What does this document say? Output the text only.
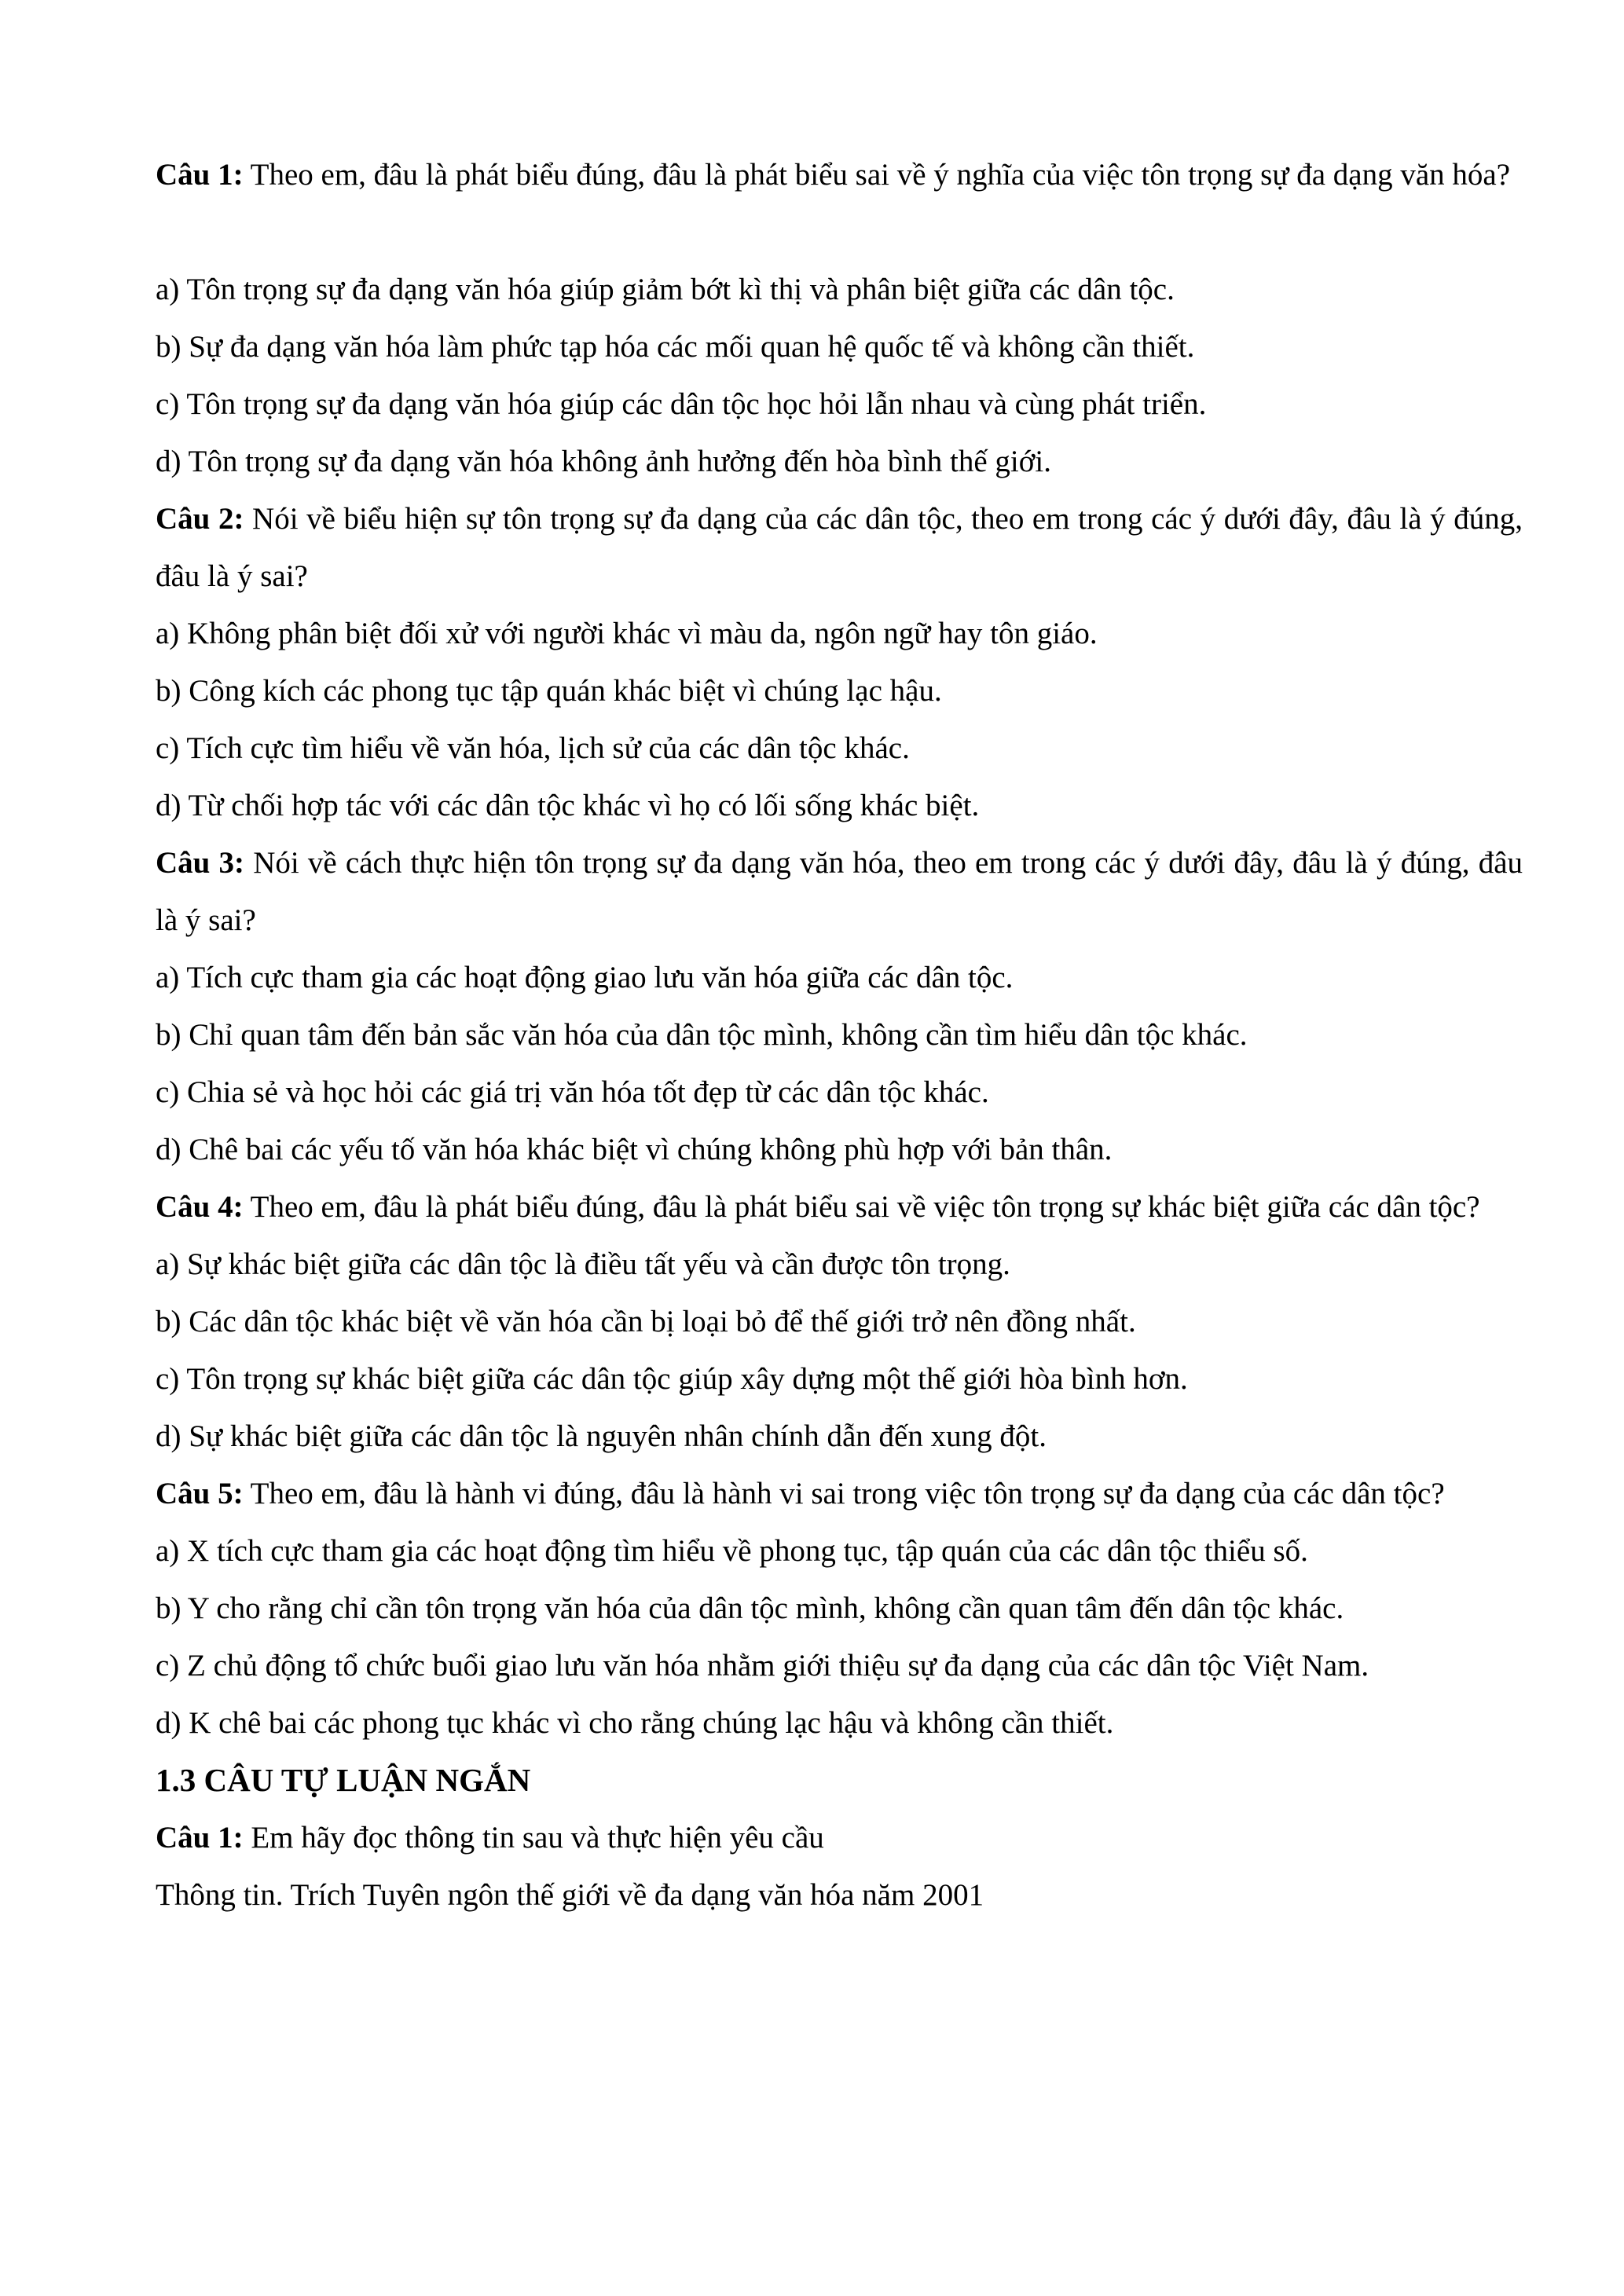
Câu 1: Theo em, đâu là phát biểu đúng, đâu là phát biểu sai về ý nghĩa của việc tôn trọng sự đa dạng văn hóa?

a) Tôn trọng sự đa dạng văn hóa giúp giảm bớt kì thị và phân biệt giữa các dân tộc.

b) Sự đa dạng văn hóa làm phức tạp hóa các mối quan hệ quốc tế và không cần thiết.

c) Tôn trọng sự đa dạng văn hóa giúp các dân tộc học hỏi lẫn nhau và cùng phát triển.

d) Tôn trọng sự đa dạng văn hóa không ảnh hưởng đến hòa bình thế giới.

Câu 2: Nói về biểu hiện sự tôn trọng sự đa dạng của các dân tộc, theo em trong các ý dưới đây, đâu là ý đúng, đâu là ý sai?

a) Không phân biệt đối xử với người khác vì màu da, ngôn ngữ hay tôn giáo.

b) Công kích các phong tục tập quán khác biệt vì chúng lạc hậu.

c) Tích cực tìm hiểu về văn hóa, lịch sử của các dân tộc khác.

d) Từ chối hợp tác với các dân tộc khác vì họ có lối sống khác biệt.

Câu 3: Nói về cách thực hiện tôn trọng sự đa dạng văn hóa, theo em trong các ý dưới đây, đâu là ý đúng, đâu là ý sai?

a) Tích cực tham gia các hoạt động giao lưu văn hóa giữa các dân tộc.

b) Chỉ quan tâm đến bản sắc văn hóa của dân tộc mình, không cần tìm hiểu dân tộc khác.

c) Chia sẻ và học hỏi các giá trị văn hóa tốt đẹp từ các dân tộc khác.

d) Chê bai các yếu tố văn hóa khác biệt vì chúng không phù hợp với bản thân.

Câu 4: Theo em, đâu là phát biểu đúng, đâu là phát biểu sai về việc tôn trọng sự khác biệt giữa các dân tộc?

a) Sự khác biệt giữa các dân tộc là điều tất yếu và cần được tôn trọng.

b) Các dân tộc khác biệt về văn hóa cần bị loại bỏ để thế giới trở nên đồng nhất.

c) Tôn trọng sự khác biệt giữa các dân tộc giúp xây dựng một thế giới hòa bình hơn.

d) Sự khác biệt giữa các dân tộc là nguyên nhân chính dẫn đến xung đột.

Câu 5: Theo em, đâu là hành vi đúng, đâu là hành vi sai trong việc tôn trọng sự đa dạng của các dân tộc?

a) X tích cực tham gia các hoạt động tìm hiểu về phong tục, tập quán của các dân tộc thiểu số.

b) Y cho rằng chỉ cần tôn trọng văn hóa của dân tộc mình, không cần quan tâm đến dân tộc khác.

c) Z chủ động tổ chức buổi giao lưu văn hóa nhằm giới thiệu sự đa dạng của các dân tộc Việt Nam.

d) K chê bai các phong tục khác vì cho rằng chúng lạc hậu và không cần thiết.

1.3 CÂU TỰ LUẬN NGẮN

Câu 1: Em hãy đọc thông tin sau và thực hiện yêu cầu

Thông tin. Trích Tuyên ngôn thế giới về đa dạng văn hóa năm 2001
